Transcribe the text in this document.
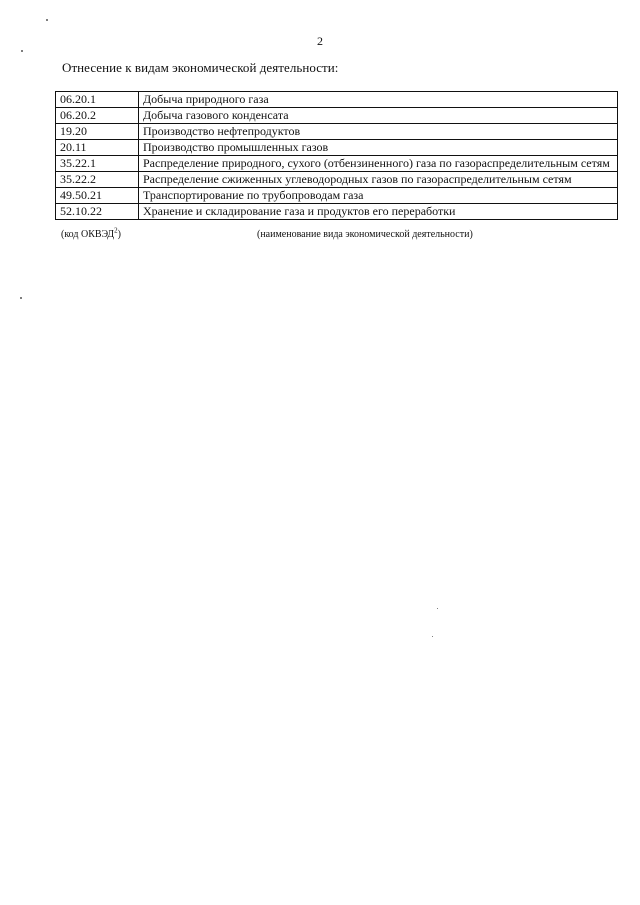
2
Отнесение к видам экономической деятельности:
06.20.1	Добыча природного газа
06.20.2	Добыча газового конденсата
19.20	Производство нефтепродуктов
20.11	Производство промышленных газов
35.22.1	Распределение природного, сухого (отбензиненного) газа по газораспределительным сетям
35.22.2	Распределение сжиженных углеводородных газов по газораспределительным сетям
49.50.21	Транспортирование по трубопроводам газа
52.10.22	Хранение и складирование газа и продуктов его переработки
(код ОКВЭД$^2$)	(наименование вида экономической деятельности)
